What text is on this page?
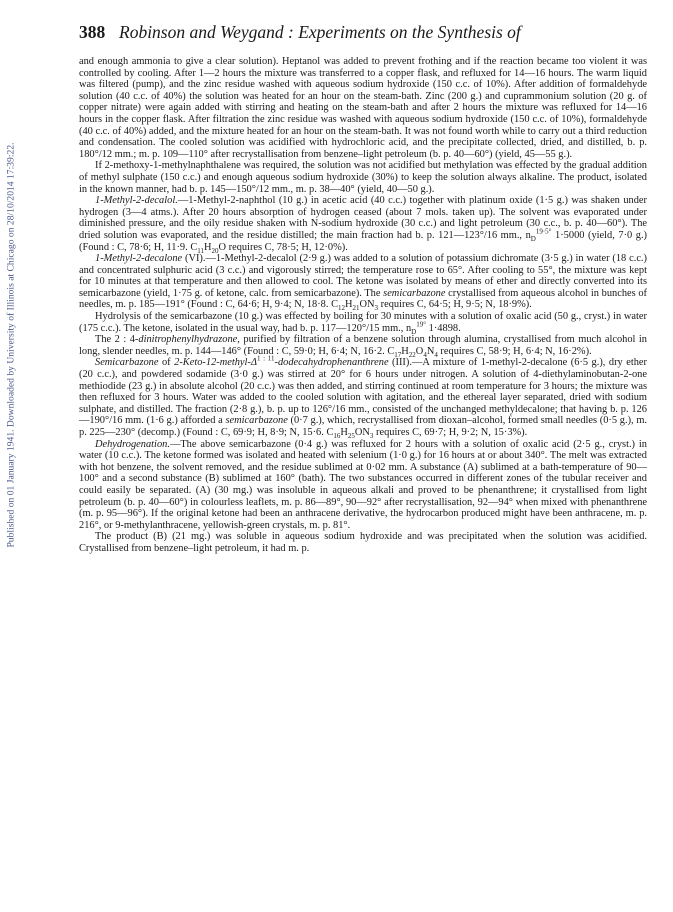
Published on 01 January 1941. Downloaded by University of Illinois at Chicago on 28/10/2014 17:39:22.
388 Robinson and Weygand : Experiments on the Synthesis of

and enough ammonia to give a clear solution). Heptanol was added to prevent frothing and if the reaction became too violent it was controlled by cooling. After 1—2 hours the mixture was transferred to a copper flask, and refluxed for 14—16 hours. The warm liquid was filtered (pump), and the zinc residue washed with aqueous sodium hydroxide (150 c.c. of 10%). After addition of formaldehyde solution (40 c.c. of 40%) the solution was heated for an hour on the steam-bath. Zinc (200 g.) and cuprammonium solution (20 g. of copper nitrate) were again added with stirring and heating on the steam-bath and after 2 hours the mixture was refluxed for 14—16 hours in the copper flask. After filtration the zinc residue was washed with aqueous sodium hydroxide (150 c.c. of 10%), formaldehyde (40 c.c. of 40%) added, and the mixture heated for an hour on the steam-bath. It was not found worth while to carry out a third reduction and condensation. The cooled solution was acidified with hydrochloric acid, and the precipitate collected, dried, and distilled, b. p. 180°/12 mm.; m. p. 109—110° after recrystallisation from benzene–light petroleum (b. p. 40—60°) (yield, 45—55 g.).

If 2-methoxy-1-methylnaphthalene was required, the solution was not acidified but methylation was effected by the gradual addition of methyl sulphate (150 c.c.) and enough aqueous sodium hydroxide (30%) to keep the solution always alkaline. The product, isolated in the known manner, had b. p. 145—150°/12 mm., m. p. 38—40° (yield, 40—50 g.).

1-Methyl-2-decalol.—1-Methyl-2-naphthol (10 g.) in acetic acid (40 c.c.) together with platinum oxide (1·5 g.) was shaken under hydrogen (3—4 atms.). After 20 hours absorption of hydrogen ceased (about 7 mols. taken up). The solvent was evaporated under diminished pressure, and the oily residue shaken with N-sodium hydroxide (30 c.c.) and light petroleum (30 c.c., b. p. 40—60°). The dried solution was evaporated, and the residue distilled; the main fraction had b. p. 121—123°/16 mm., $n_D^{19\cdot 5^\circ}$ 1·5000 (yield, 7·0 g.) (Found : C, 78·6; H, 11·9. $C_{11}H_{20}O$ requires C, 78·5; H, 12·0%).

1-Methyl-2-decalone (VI).—1-Methyl-2-decalol (2·9 g.) was added to a solution of potassium dichromate (3·5 g.) in water (18 c.c.) and concentrated sulphuric acid (3 c.c.) and vigorously stirred; the temperature rose to 65°. After cooling to 55°, the mixture was kept for 10 minutes at that temperature and then allowed to cool. The ketone was isolated by means of ether and directly converted into its semicarbazone (yield, 1·75 g. of ketone, calc. from semicarbazone). The semicarbazone crystallised from aqueous alcohol in bunches of needles, m. p. 185—191° (Found : C, 64·6; H, 9·4; N, 18·8. $C_{12}H_{21}ON_3$ requires C, 64·5; H, 9·5; N, 18·9%).

Hydrolysis of the semicarbazone (10 g.) was effected by boiling for 30 minutes with a solution of oxalic acid (50 g., cryst.) in water (175 c.c.). The ketone, isolated in the usual way, had b. p. 117—120°/15 mm., $n_D^{19^\circ}$ 1·4898.

The 2 : 4-dinitrophenylhydrazone, purified by filtration of a benzene solution through alumina, crystallised from much alcohol in long, slender needles, m. p. 144—146° (Found : C, 59·0; H, 6·4; N, 16·2. $C_{17}H_{22}O_4N_4$ requires C, 58·9; H, 6·4; N, 16·2%).

Semicarbazone of $2-Keto-12-methyl-\Delta^{1 : 11}$-dodecahydrophenanthrene (III).—A mixture of 1-methyl-2-decalone (6·5 g.), dry ether (20 c.c.), and powdered sodamide (3·0 g.) was stirred at 20° for 6 hours under nitrogen. A solution of 4-diethylaminobutan-2-one methiodide (23 g.) in absolute alcohol (20 c.c.) was then added, and stirring continued at room temperature for 3 hours; the mixture was then refluxed for 3 hours. Water was added to the cooled solution with agitation, and the ethereal layer separated, dried with sodium sulphate, and distilled. The fraction (2·8 g.), b. p. up to 126°/16 mm., consisted of the unchanged methyldecalone; that having b. p. 126—190°/16 mm. (1·6 g.) afforded a semicarbazone (0·7 g.), which, recrystallised from dioxan–alcohol, formed small needles (0·5 g.), m. p. 225—230° (decomp.) (Found : C, 69·9; H, 8·9; N, 15·6. $C_{16}H_{25}ON_3$ requires C, 69·7; H, 9·2; N, 15·3%).

Dehydrogenation.—The above semicarbazone (0·4 g.) was refluxed for 2 hours with a solution of oxalic acid (2·5 g., cryst.) in water (10 c.c.). The ketone formed was isolated and heated with selenium (1·0 g.) for 16 hours at or about 340°. The melt was extracted with hot benzene, the solvent removed, and the residue sublimed at 0·02 mm. A substance (A) sublimed at a bath-temperature of 90—100° and a second substance (B) sublimed at 160° (bath). The two substances occurred in different zones of the tubular receiver and could easily be separated. (A) (30 mg.) was insoluble in aqueous alkali and proved to be phenanthrene; it crystallised from light petroleum (b. p. 40—60°) in colourless leaflets, m. p. 86—89°, 90—92° after recrystallisation, 92—94° when mixed with phenanthrene (m. p. 95—96°). If the original ketone had been an anthracene derivative, the hydrocarbon produced might have been anthracene, m. p. 216°, or 9-methylanthracene, yellowish-green crystals, m. p. 81°.

The product (B) (21 mg.) was soluble in aqueous sodium hydroxide and was precipitated when the solution was acidified. Crystallised from benzene–light petroleum, it had m. p.
